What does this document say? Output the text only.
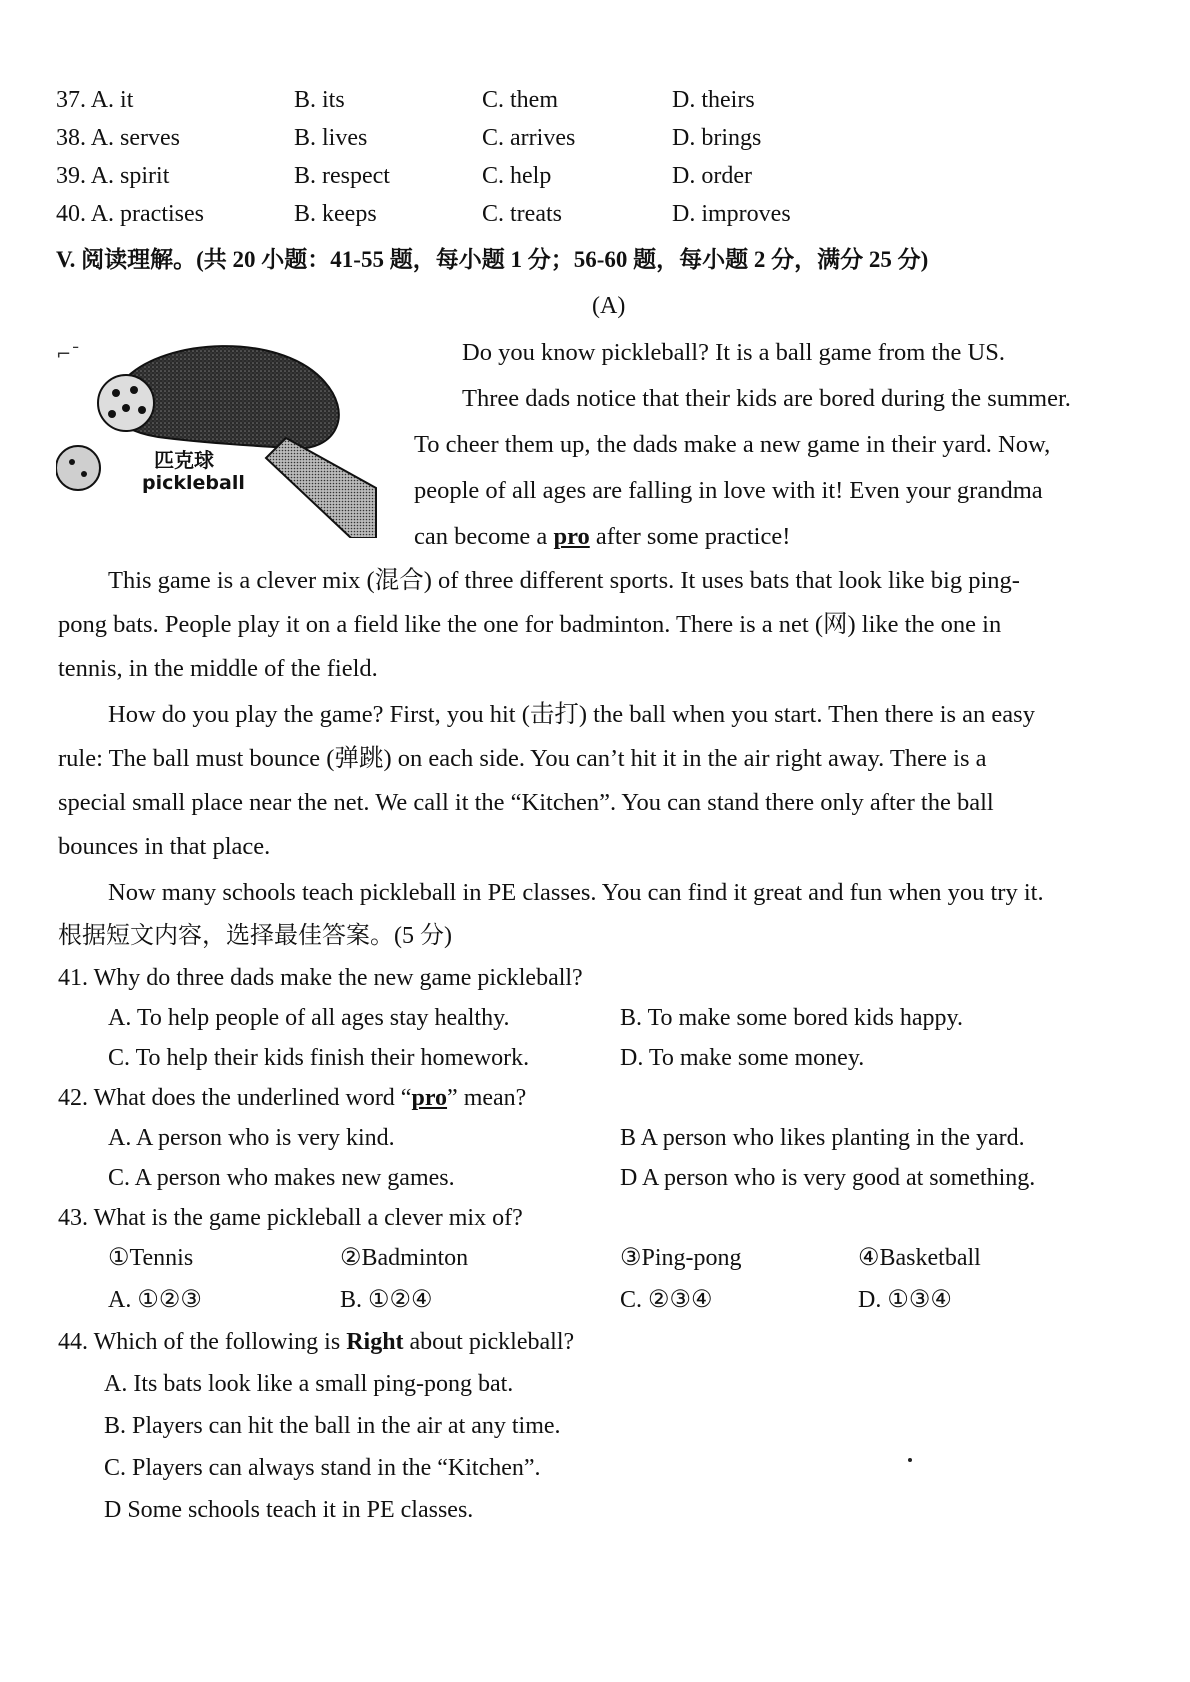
37. A. it	B. its	C. them	D. theirs
38. A. serves	B. lives	C. arrives	D. brings
39. A. spirit	B. respect	C. help	D. order
40. A. practises	B. keeps	C. treats	D. improves
V. 阅读理解。(共 20 小题：41-55 题，每小题 1 分；56-60 题，每小题 2 分，满分 25 分)
(A)
⌐ˉ
匹克球
pickleball
Do you know pickleball? It is a ball game from the US.
Three dads notice that their kids are bored during the summer.
To cheer them up, the dads make a new game in their yard. Now,
people of all ages are falling in love with it! Even your grandma
can become a pro after some practice!
This game is a clever mix (混合) of three different sports. It uses bats that look like big ping-
pong bats. People play it on a field like the one for badminton. There is a net (网) like the one in
tennis, in the middle of the field.
How do you play the game? First, you hit (击打) the ball when you start. Then there is an easy
rule: The ball must bounce (弹跳) on each side. You can’t hit it in the air right away. There is a
special small place near the net. We call it the “Kitchen”. You can stand there only after the ball
bounces in that place.
Now many schools teach pickleball in PE classes. You can find it great and fun when you try it.
根据短文内容，选择最佳答案。(5 分)
41. Why do three dads make the new game pickleball?
A. To help people of all ages stay healthy.	B. To make some bored kids happy.
C. To help their kids finish their homework.	D. To make some money.
42. What does the underlined word “pro” mean?
A. A person who is very kind.	B A person who likes planting in the yard.
C. A person who makes new games.	D A person who is very good at something.
43. What is the game pickleball a clever mix of?
①Tennis	②Badminton	③Ping-pong	④Basketball
A. ①②③	B. ①②④	C. ②③④	D. ①③④
44. Which of the following is Right about pickleball?
A. Its bats look like a small ping-pong bat.
B. Players can hit the ball in the air at any time.
C. Players can always stand in the “Kitchen”.
D Some schools teach it in PE classes.
